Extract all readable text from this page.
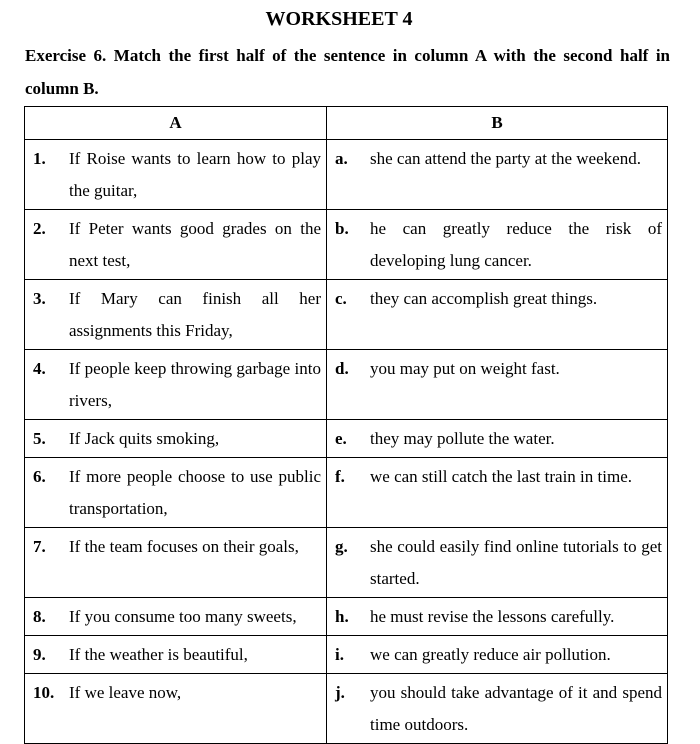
WORKSHEET 4
Exercise 6. Match the first half of the sentence in column A with the second half in column B.
A	B

1. If Roise wants to learn how to play the guitar,	a. she can attend the party at the weekend.

2. If Peter wants good grades on the next test,	b. he can greatly reduce the risk of developing lung cancer.

3. If Mary can finish all her assignments this Friday,	c. they can accomplish great things.

4. If people keep throwing garbage into rivers,	d. you may put on weight fast.

5. If Jack quits smoking,	e. they may pollute the water.

6. If more people choose to use public transportation,	f. we can still catch the last train in time.

7. If the team focuses on their goals,	g. she could easily find online tutorials to get started.

8. If you consume too many sweets,	h. he must revise the lessons carefully.

9. If the weather is beautiful,	i. we can greatly reduce air pollution.

10. If we leave now,	j. you should take advantage of it and spend time outdoors.
